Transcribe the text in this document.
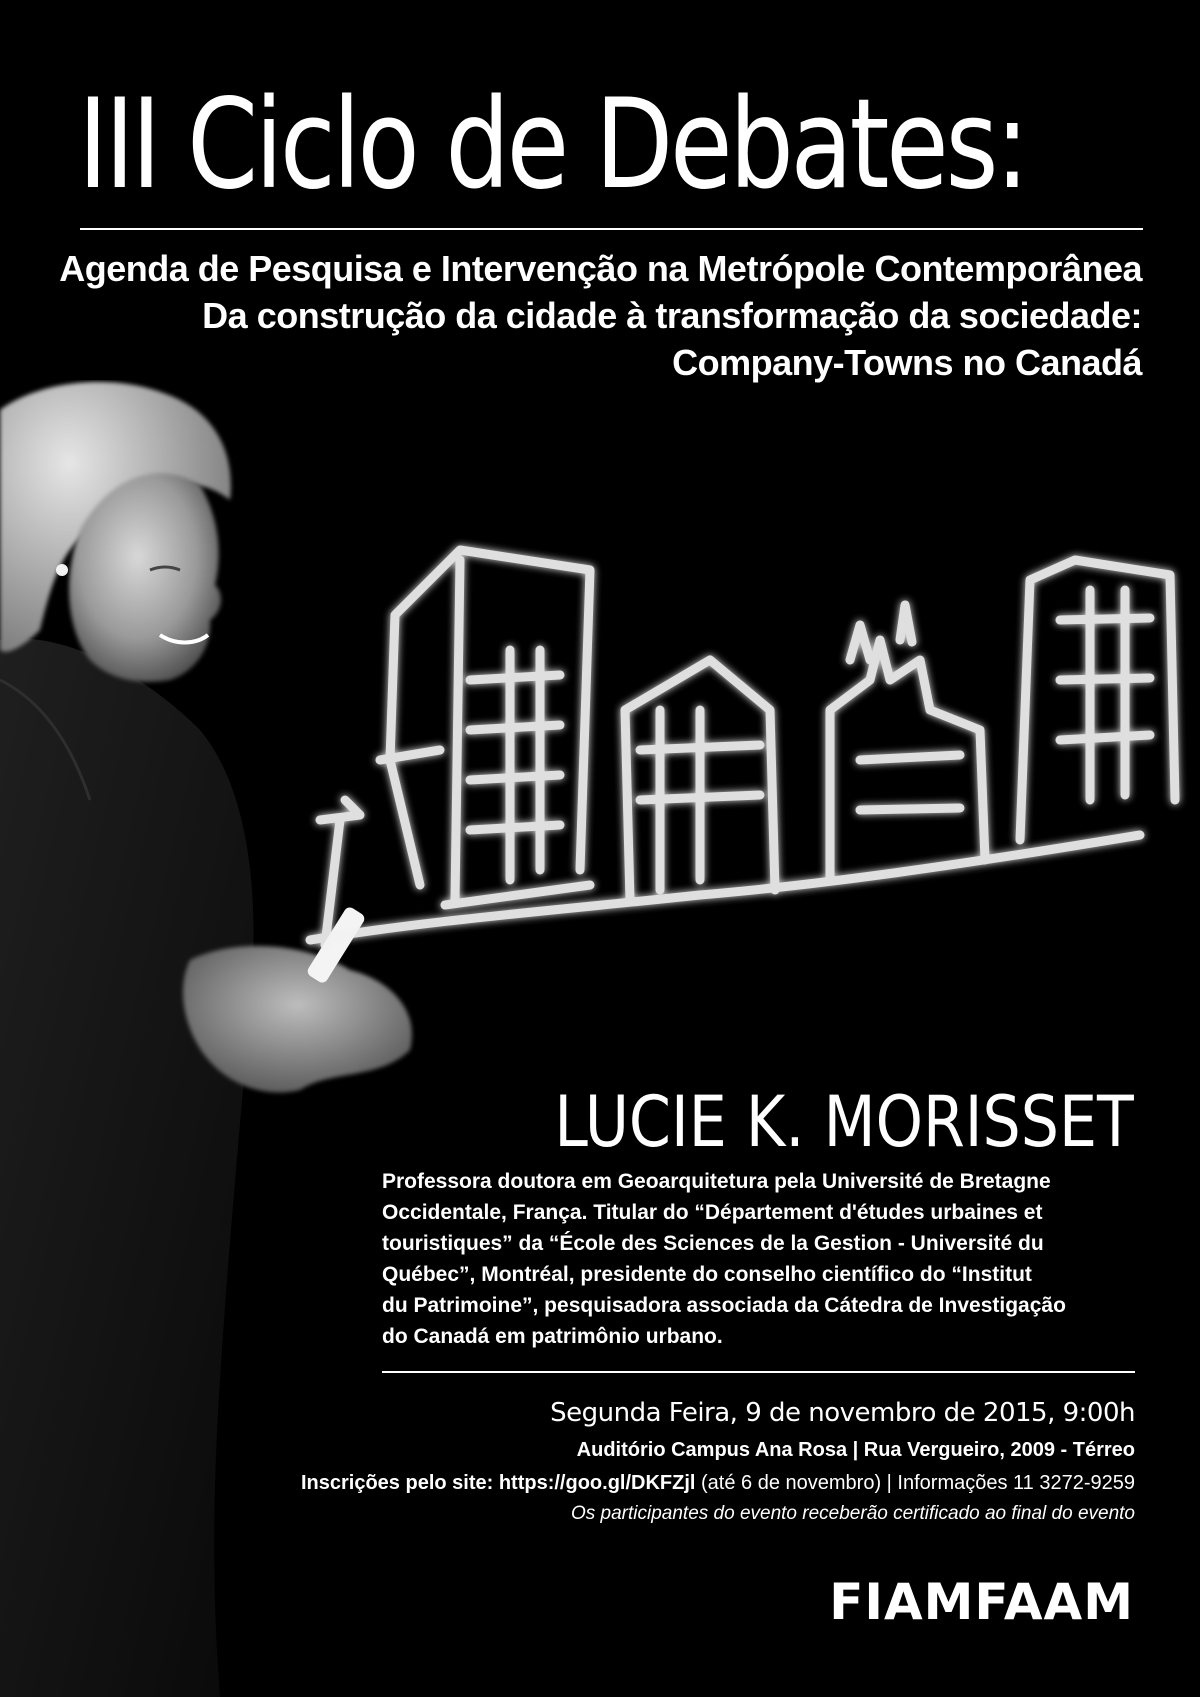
III Ciclo de Debates:
Agenda de Pesquisa e Intervenção na Metrópole Contemporânea
Da construção da cidade à transformação da sociedade:
Company-Towns no Canadá
LUCIE K. MORISSET
Professora doutora em Geoarquitetura pela Université de Bretagne
Occidentale, França. Titular do “Département d'études urbaines et
touristiques” da “École des Sciences de la Gestion - Université du
Québec”, Montréal, presidente do conselho científico do “Institut
du Patrimoine”, pesquisadora associada da Cátedra de Investigação
do Canadá em patrimônio urbano.
Segunda Feira, 9 de novembro de 2015, 9:00h
Auditório Campus Ana Rosa | Rua Vergueiro, 2009 - Térreo
Inscrições pelo site: https://goo.gl/DKFZjl (até 6 de novembro) | Informações 11 3272-9259
Os participantes do evento receberão certificado ao final do evento
FIAMFAAM
